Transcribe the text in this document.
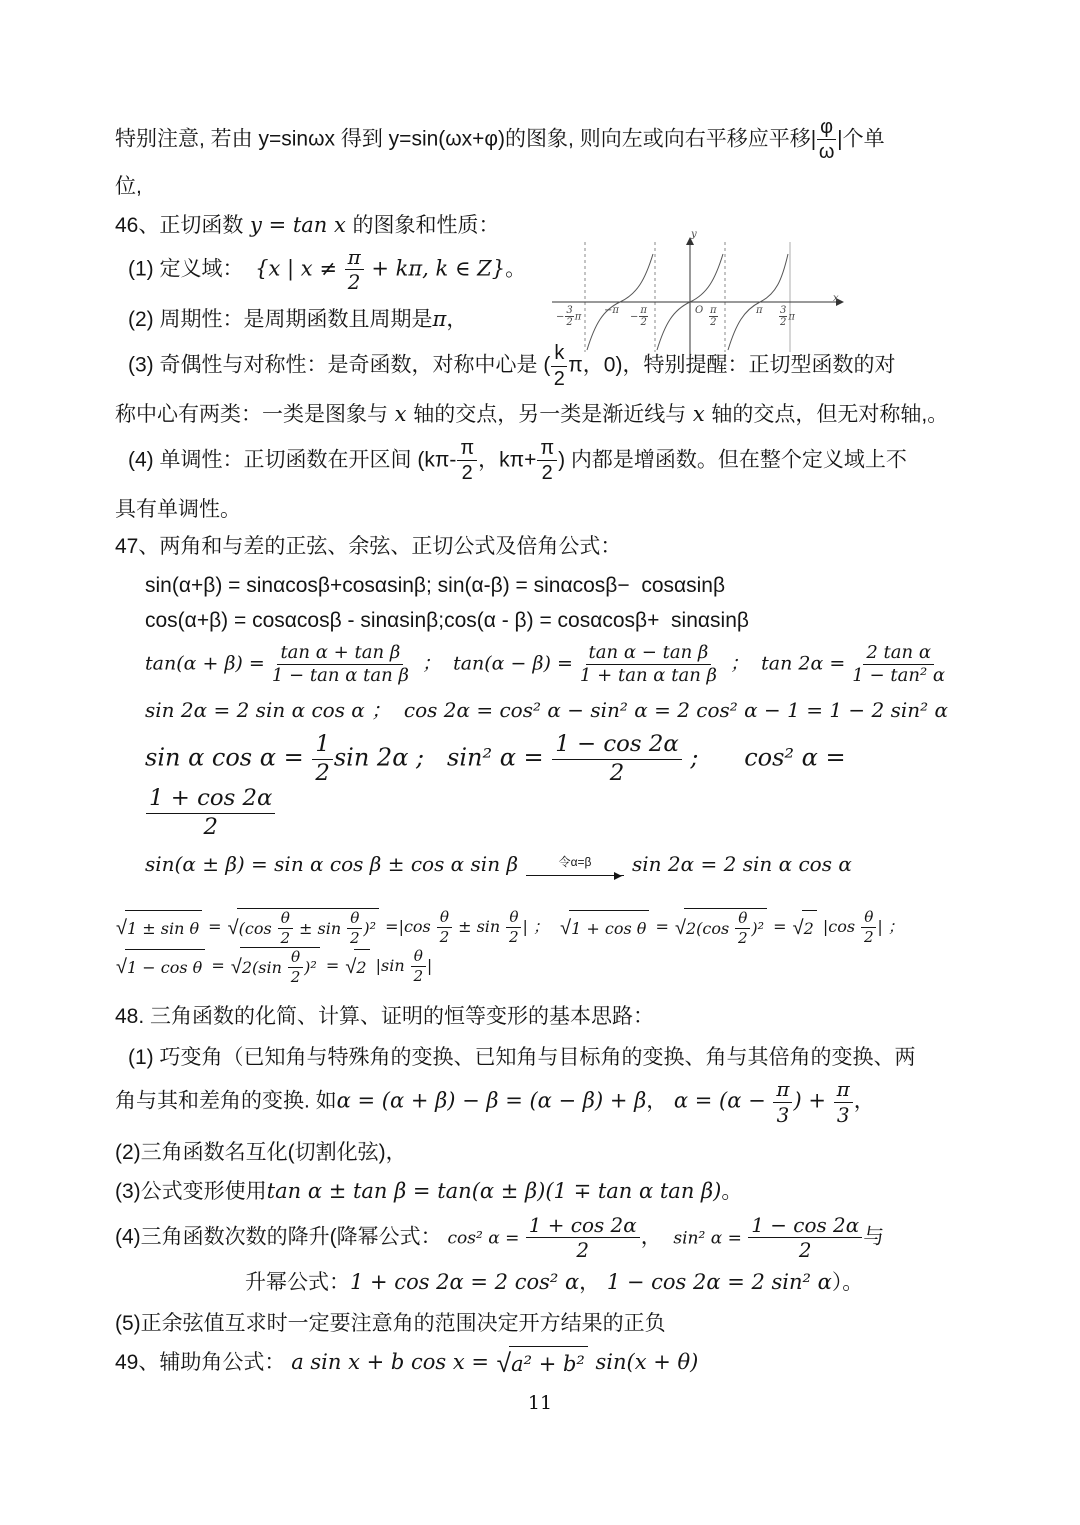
特别注意, 若由 y=sinωx 得到 y=sin(ωx+φ)的图象, 则向左或向右平移应平移| $\frac{\varphi}{\omega}$ |个单
位,
46、正切函数 y = tan x 的图象和性质：
(1) 定义域：  {x | $x \ne \frac{\pi}{2} + k\pi$, k ∈ Z}。
(2) 周期性：是周期函数且周期是π，
(3) 奇偶性与对称性：是奇函数，对称中心是 ( $\frac{k}{2}$ π，0)，特别提醒：正切型函数的对
称中心有两类：一类是图象与 x 轴的交点，另一类是渐近线与 x 轴的交点，但无对称轴,。
(4) 单调性：正切函数在开区间 ($k\pi- \frac{\pi}{2}$ ，$k\pi+ \frac{\pi}{2}$ ) 内都是增函数。但在整个定义域上不
具有单调性。
47、两角和与差的正弦、余弦、正切公式及倍角公式：
sin(α+β) = sinαcosβ+cosαsinβ; sin(α-β) = sinαcosβ−  cosαsinβ
cos(α+β) = cosαcosβ - sinαsinβ;cos(α - β) = cosαcosβ+  sinαsinβ
$\tan(\alpha + \beta) = \frac{\text{tan α + tan β}}{\text{1 − tan α tan β}}$ ；  $\tan(\alpha - \beta) = \frac{\text{tan α − tan β}}{\text{1 + tan α tan β}}$ ；  $\tan 2\alpha = \frac{\text{2 tan α}}{\text{1 − tan² α}}$
sin 2α = 2 sin α cos α ；  cos 2α = cos² α − sin² α = 2 cos² α − 1 = 1 − 2 sin² α
sin α $\cos \alpha = \frac{1}{2}$ sin 2α ;   sin² $\alpha = \frac{1 - \cos 2\alpha}{2}$ ;      cos² α =
$\frac{1 + \cos 2\alpha}{2}$
sin(α ± β) = sin α cos β ± cos α sin β	令α=β sin 2α = 2 sin α cos α
√ 1 ± sin θ = √ $(\cos \frac{\theta}{2} \pm \sin \frac{\theta}{2} )^2 =|\cos \frac{\theta}{2} \pm \sin \frac{\theta}{2}$ | ； √ 1 + cos θ = √ $2(\cos \frac{\theta}{2} )^2$ = √ 2 $|\cos \frac{\theta}{2}$ | ；
√ 1 − cos θ = √ $2(\sin \frac{\theta}{2} )^2$ = √ 2 $|\sin \frac{\theta}{2}$ |
48. 三角函数的化简、计算、证明的恒等变形的基本思路：
(1) 巧变角（已知角与特殊角的变换、已知角与目标角的变换、角与其倍角的变换、两
角与其和差角的变换. 如α = (α + β) − β = (α − β) + β， $\alpha = (\alpha - \frac{\pi}{3}$ ) + $\frac{\pi}{3}$ ，
(2)三角函数名互化(切割化弦)，
(3)公式变形使用tan α ± tan β = tan(α ± β)(1 ∓ tan α tan β)。
(4)三角函数次数的降升(降幂公式： cos² $\alpha = \frac{1 + \cos 2\alpha}{2}$ ，  sin² $\alpha = \frac{1 - \cos 2\alpha}{2}$ 与
升幂公式：1 + cos 2α = 2 cos² α， 1 − cos 2α = 2 sin² α）。
(5)正余弦值互求时一定要注意角的范围决定开方结果的正负
49、辅助角公式： a sin x + b cos x = √ a² + b² sin(x + θ)
y
x
O
− $\frac{3}{2}$ π
−π
− $\frac{\pi}{2}$	$\frac{\pi}{2}$	π $\frac{3}{2}$ π
11
